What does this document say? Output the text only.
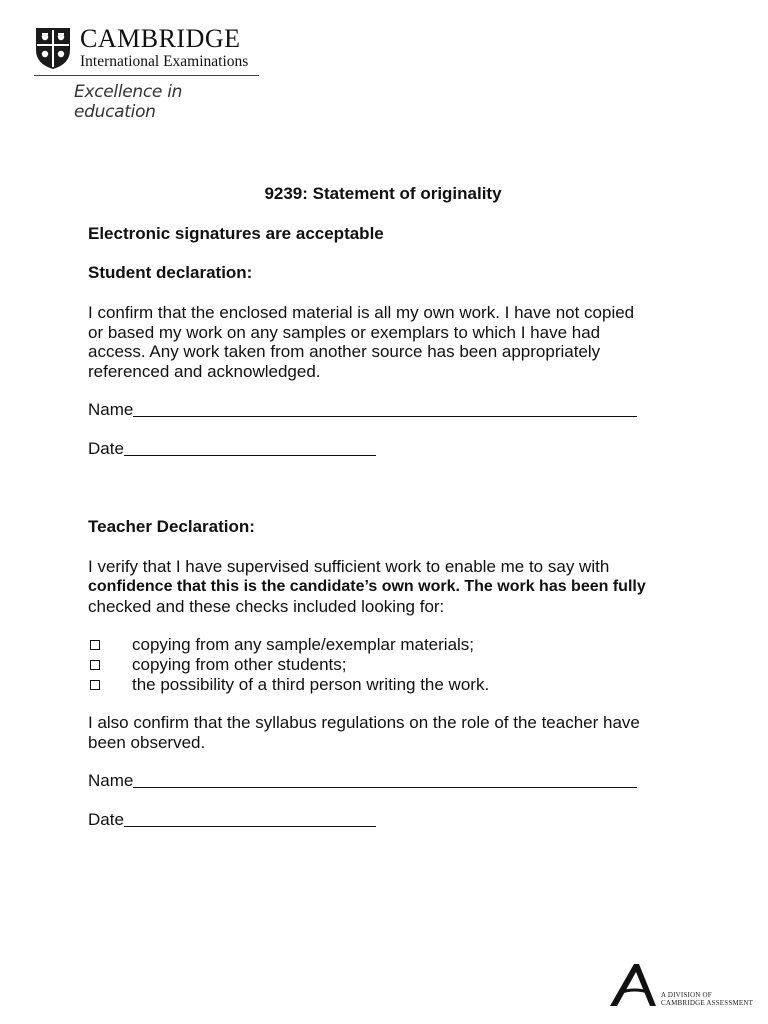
CAMBRIDGE
International Examinations
Excellence in education
9239: Statement of originality
Electronic signatures are acceptable
Student declaration:

I confirm that the enclosed material is all my own work. I have not copied

or based my work on any samples or exemplars to which I have had

access. Any work taken from another source has been appropriately

referenced and acknowledged.

Name
Date
Teacher Declaration:

I verify that I have supervised sufficient work to enable me to say with

confidence that this is the candidate’s own work. The work has been fully

checked and these checks included looking for:

copying from any sample/exemplar materials;
copying from other students;
the possibility of a third person writing the work.

I also confirm that the syllabus regulations on the role of the teacher have

been observed.

Name
Date
A DIVISION OF
CAMBRIDGE ASSESSMENT
